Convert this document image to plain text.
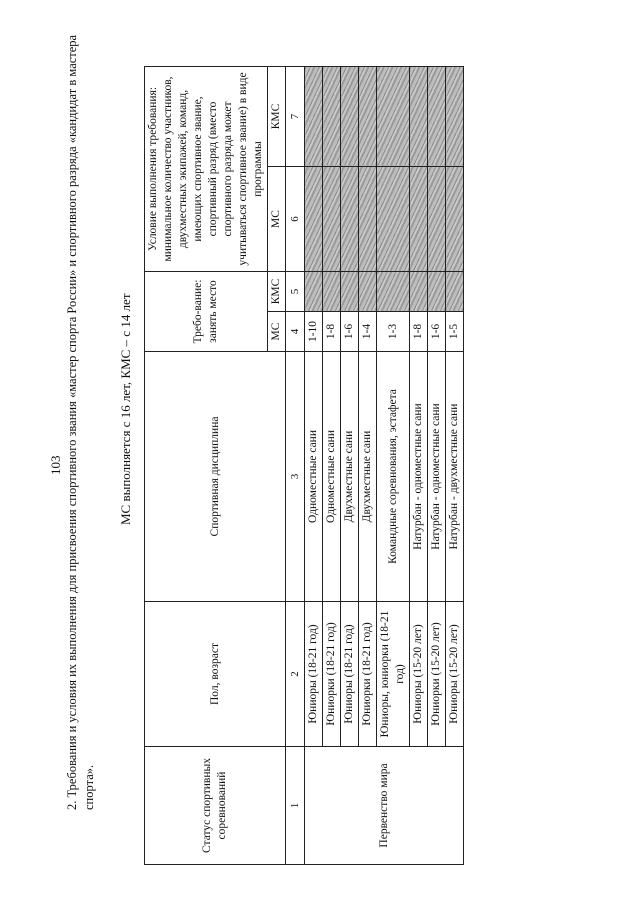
103 2. Требования и условия их выполнения для присвоения спортивного звания «мастер спорта России» и спортивного разряда «кандидат в мастера спорта».
МС выполняется с 16 лет, КМС – с 14 лет
Статус спортивных соревнований	Пол, возраст	Спортивная дисциплина	Требо-вание: занять место		Условие выполнения требования: минимальное количество участников, двухместных экипажей, команд, имеющих спортивное звание, спортивный разряд (вместо спортивного разряда может учитываться спортивное звание) в виде программы	
			МС	КМС	МС	КМС
1	2	3	4	5	6	7
Первенство мира	Юниоры (18-21 год)	Одноместные сани	1-10			
	Юниорки (18-21 год)	Одноместные сани	1-8			
	Юниоры (18-21 год)	Двухместные сани	1-6			
	Юниорки (18-21 год)	Двухместные сани	1-4			
	Юниоры, юниорки (18-21 год)	Командные соревнования, эстафета	1-3			
	Юниоры (15-20 лет)	Натурбан - одноместные сани	1-8			
	Юниорки (15-20 лет)	Натурбан - одноместные сани	1-6			
	Юниоры (15-20 лет)	Натурбан - двухместные сани	1-5			
